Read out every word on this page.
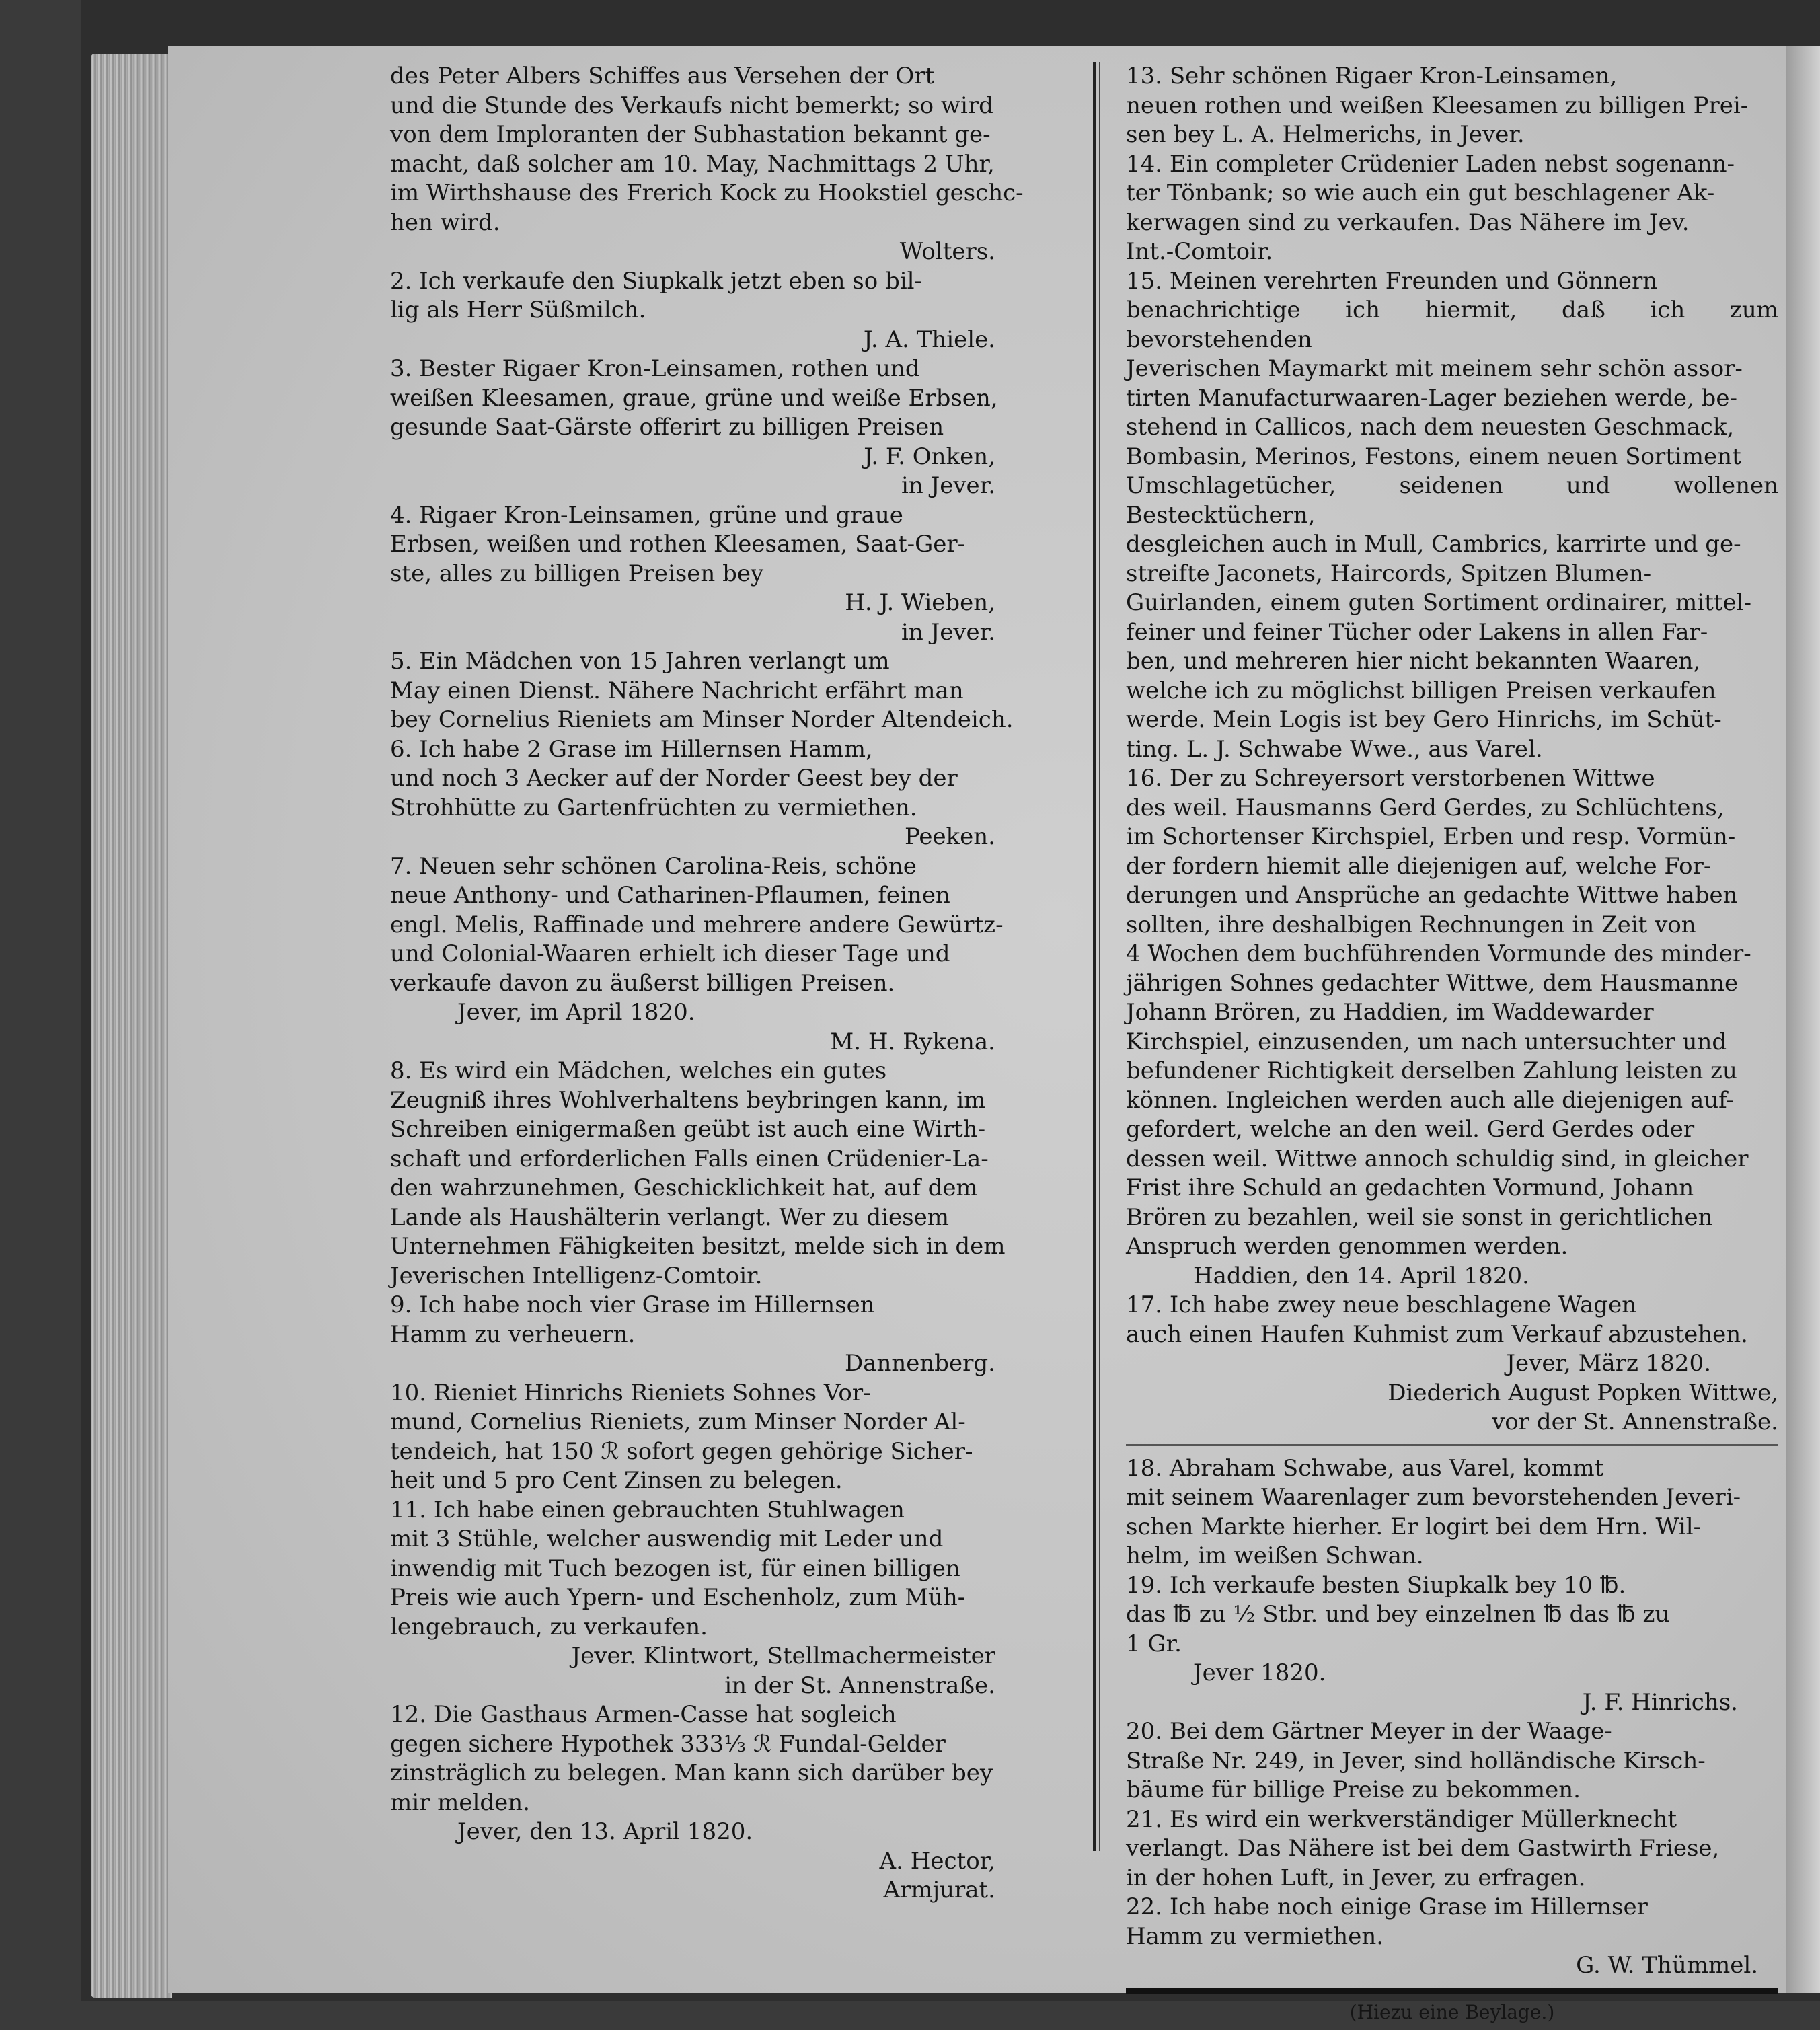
des Peter Albers Schiffes aus Versehen der Ort
und die Stunde des Verkaufs nicht bemerkt; so wird
von dem Imploranten der Subhastation bekannt ge-
macht, daß solcher am 10. May, Nachmittags 2 Uhr,
im Wirthshause des Frerich Kock zu Hookstiel geschc-
hen wird.

Wolters.

2. Ich verkaufe den Siupkalk jetzt eben so bil-
lig als Herr Süßmilch.

J. A. Thiele.

3. Bester Rigaer Kron-Leinsamen, rothen und
weißen Kleesamen, graue, grüne und weiße Erbsen,
gesunde Saat-Gärste offerirt zu billigen Preisen

J. F. Onken,
in Jever.

4. Rigaer Kron-Leinsamen, grüne und graue
Erbsen, weißen und rothen Kleesamen, Saat-Ger-
ste, alles zu billigen Preisen bey

H. J. Wieben,
in Jever.

5. Ein Mädchen von 15 Jahren verlangt um
May einen Dienst. Nähere Nachricht erfährt man
bey Cornelius Rieniets am Minser Norder Altendeich.

6. Ich habe 2 Grase im Hillernsen Hamm,
und noch 3 Aecker auf der Norder Geest bey der
Strohhütte zu Gartenfrüchten zu vermiethen.

Peeken.

7. Neuen sehr schönen Carolina-Reis, schöne
neue Anthony- und Catharinen-Pflaumen, feinen
engl. Melis, Raffinade und mehrere andere Gewürtz-
und Colonial-Waaren erhielt ich dieser Tage und
verkaufe davon zu äußerst billigen Preisen.

Jever, im April 1820.

M. H. Rykena.

8. Es wird ein Mädchen, welches ein gutes
Zeugniß ihres Wohlverhaltens beybringen kann, im
Schreiben einigermaßen geübt ist auch eine Wirth-
schaft und erforderlichen Falls einen Crüdenier-La-
den wahrzunehmen, Geschicklichkeit hat, auf dem
Lande als Haushälterin verlangt. Wer zu diesem
Unternehmen Fähigkeiten besitzt, melde sich in dem
Jeverischen Intelligenz-Comtoir.

9. Ich habe noch vier Grase im Hillernsen
Hamm zu verheuern.

Dannenberg.

10. Rieniet Hinrichs Rieniets Sohnes Vor-
mund, Cornelius Rieniets, zum Minser Norder Al-
tendeich, hat 150 ℛ sofort gegen gehörige Sicher-
heit und 5 pro Cent Zinsen zu belegen.

11. Ich habe einen gebrauchten Stuhlwagen
mit 3 Stühle, welcher auswendig mit Leder und
inwendig mit Tuch bezogen ist, für einen billigen
Preis wie auch Ypern- und Eschenholz, zum Müh-
lengebrauch, zu verkaufen.

Jever. Klintwort, Stellmachermeister
in der St. Annenstraße.

12. Die Gasthaus Armen-Casse hat sogleich
gegen sichere Hypothek 333⅓ ℛ Fundal-Gelder
zinsträglich zu belegen. Man kann sich darüber bey
mir melden.

Jever, den 13. April 1820.

A. Hector,
Armjurat.

13. Sehr schönen Rigaer Kron-Leinsamen,
neuen rothen und weißen Kleesamen zu billigen Prei-
sen bey L. A. Helmerichs, in Jever.

14. Ein completer Crüdenier Laden nebst sogenann-
ter Tönbank; so wie auch ein gut beschlagener Ak-
kerwagen sind zu verkaufen. Das Nähere im Jev.
Int.-Comtoir.

15. Meinen verehrten Freunden und Gönnern
benachrichtige ich hiermit, daß ich zum bevorstehenden
Jeverischen Maymarkt mit meinem sehr schön assor-
tirten Manufacturwaaren-Lager beziehen werde, be-
stehend in Callicos, nach dem neuesten Geschmack,
Bombasin, Merinos, Festons, einem neuen Sortiment
Umschlagetücher, seidenen und wollenen Bestecktüchern,
desgleichen auch in Mull, Cambrics, karrirte und ge-
streifte Jaconets, Haircords, Spitzen Blumen-
Guirlanden, einem guten Sortiment ordinairer, mittel-
feiner und feiner Tücher oder Lakens in allen Far-
ben, und mehreren hier nicht bekannten Waaren,
welche ich zu möglichst billigen Preisen verkaufen
werde. Mein Logis ist bey Gero Hinrichs, im Schüt-
ting. L. J. Schwabe Wwe., aus Varel.

16. Der zu Schreyersort verstorbenen Wittwe
des weil. Hausmanns Gerd Gerdes, zu Schlüchtens,
im Schortenser Kirchspiel, Erben und resp. Vormün-
der fordern hiemit alle diejenigen auf, welche For-
derungen und Ansprüche an gedachte Wittwe haben
sollten, ihre deshalbigen Rechnungen in Zeit von
4 Wochen dem buchführenden Vormunde des minder-
jährigen Sohnes gedachter Wittwe, dem Hausmanne
Johann Brören, zu Haddien, im Waddewarder
Kirchspiel, einzusenden, um nach untersuchter und
befundener Richtigkeit derselben Zahlung leisten zu
können. Ingleichen werden auch alle diejenigen auf-
gefordert, welche an den weil. Gerd Gerdes oder
dessen weil. Wittwe annoch schuldig sind, in gleicher
Frist ihre Schuld an gedachten Vormund, Johann
Brören zu bezahlen, weil sie sonst in gerichtlichen
Anspruch werden genommen werden.

Haddien, den 14. April 1820.

17. Ich habe zwey neue beschlagene Wagen
auch einen Haufen Kuhmist zum Verkauf abzustehen.

Jever, März 1820.

Diederich August Popken Wittwe,
vor der St. Annenstraße.

18. Abraham Schwabe, aus Varel, kommt
mit seinem Waarenlager zum bevorstehenden Jeveri-
schen Markte hierher. Er logirt bei dem Hrn. Wil-
helm, im weißen Schwan.

19. Ich verkaufe besten Siupkalk bey 10 ℔.
das ℔ zu ½ Stbr. und bey einzelnen ℔ das ℔ zu
1 Gr.

Jever 1820.

J. F. Hinrichs.

20. Bei dem Gärtner Meyer in der Waage-
Straße Nr. 249, in Jever, sind holländische Kirsch-
bäume für billige Preise zu bekommen.

21. Es wird ein werkverständiger Müllerknecht
verlangt. Das Nähere ist bei dem Gastwirth Friese,
in der hohen Luft, in Jever, zu erfragen.

22. Ich habe noch einige Grase im Hillernser
Hamm zu vermiethen.

G. W. Thümmel.

(Hiezu eine Beylage.)
